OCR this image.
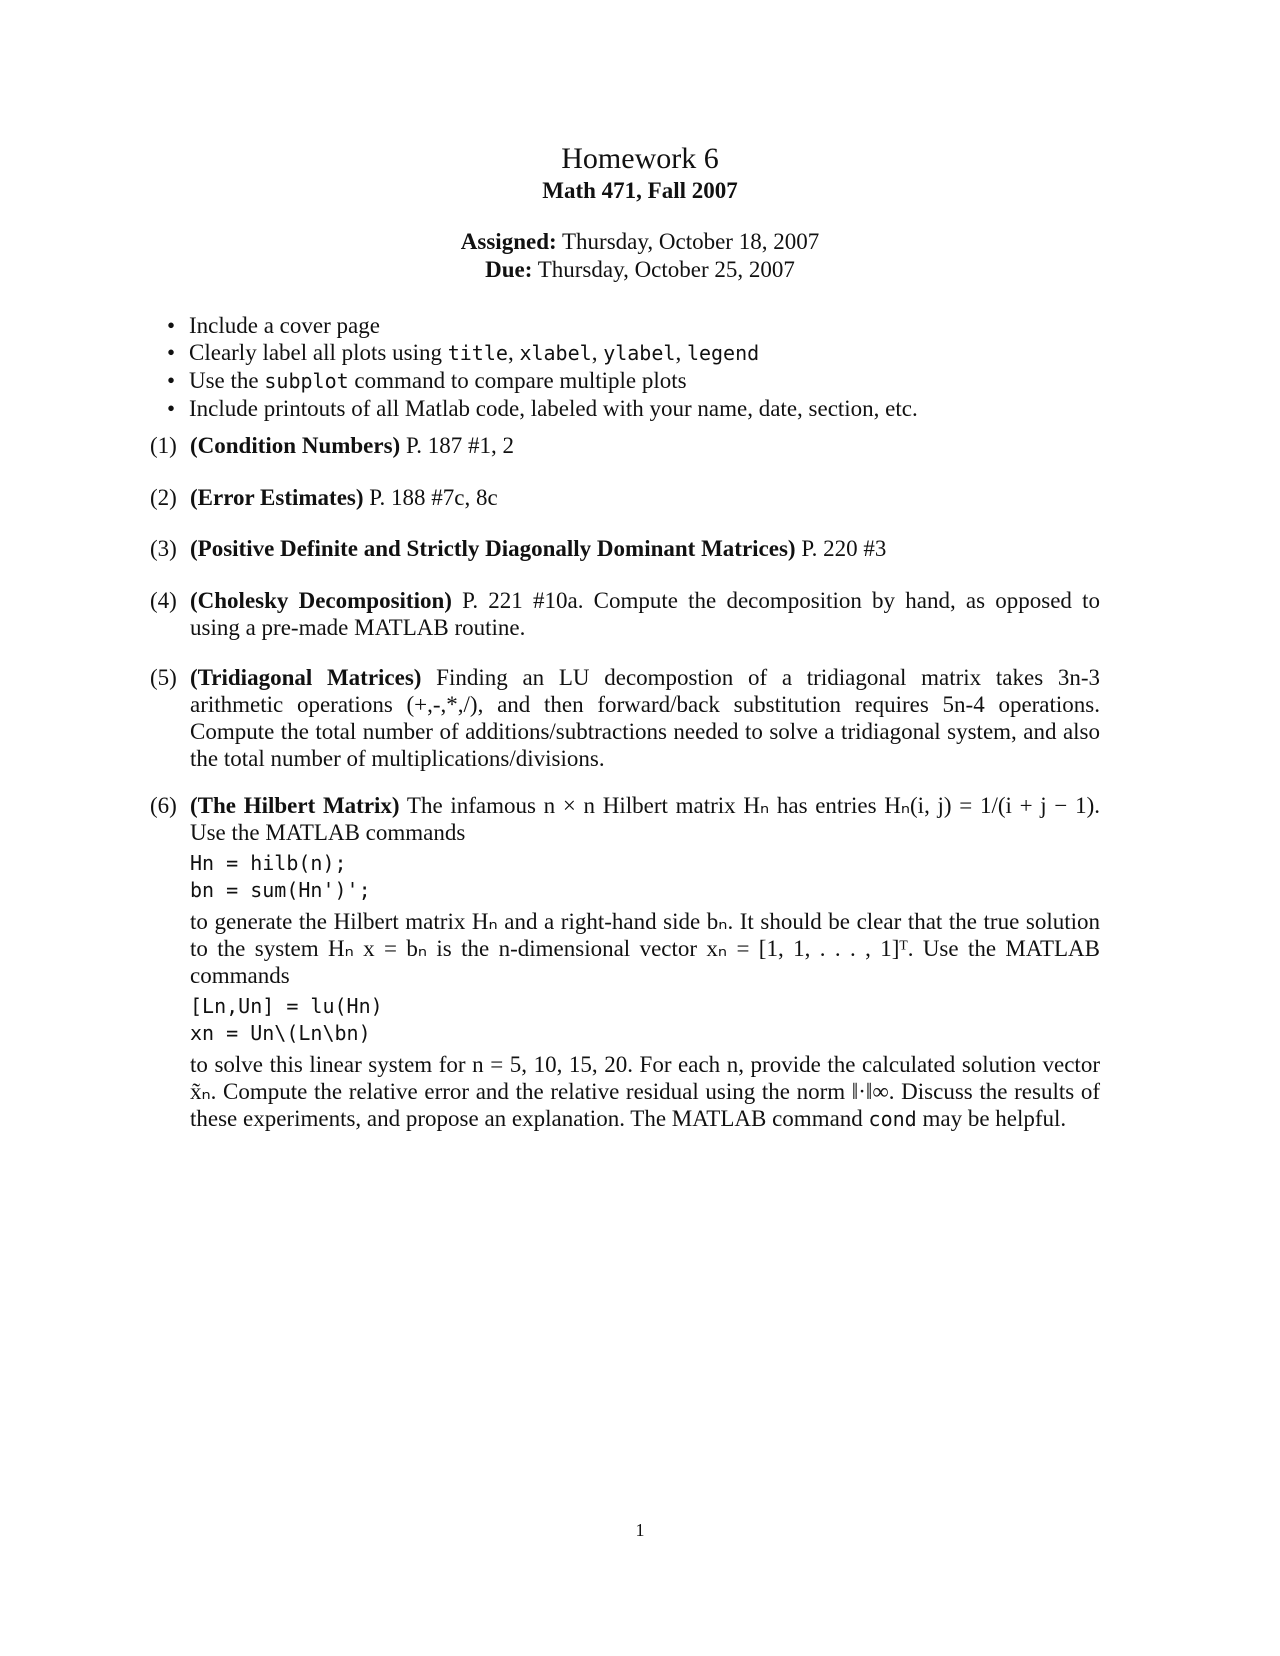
Homework 6
Math 471, Fall 2007
Assigned: Thursday, October 18, 2007
Due: Thursday, October 25, 2007
• Include a cover page
• Clearly label all plots using title, xlabel, ylabel, legend
• Use the subplot command to compare multiple plots
• Include printouts of all Matlab code, labeled with your name, date, section, etc.
(1) (Condition Numbers) P. 187 #1, 2
(2) (Error Estimates) P. 188 #7c, 8c
(3) (Positive Definite and Strictly Diagonally Dominant Matrices) P. 220 #3
(4) (Cholesky Decomposition) P. 221 #10a. Compute the decomposition by hand, as opposed to using a pre-made MATLAB routine.
(5) (Tridiagonal Matrices) Finding an LU decompostion of a tridiagonal matrix takes 3n-3 arithmetic operations (+,-,*,/), and then forward/back substitution requires 5n-4 operations. Compute the total number of additions/subtractions needed to solve a tridiagonal system, and also the total number of multiplications/divisions.
(6) (The Hilbert Matrix) The infamous n × n Hilbert matrix Hₙ has entries Hₙ(i, j) = 1/(i + j − 1). Use the MATLAB commands
Hn = hilb(n);
bn = sum(Hn')';
to generate the Hilbert matrix Hₙ and a right-hand side bₙ. It should be clear that the true solution to the system Hₙ x = bₙ is the n-dimensional vector xₙ = [1, 1, . . . , 1]ᵀ. Use the MATLAB commands
[Ln,Un] = lu(Hn)
xn = Un\(Ln\bn)
to solve this linear system for n = 5, 10, 15, 20. For each n, provide the calculated solution vector x̃ₙ. Compute the relative error and the relative residual using the norm ‖·‖∞. Discuss the results of these experiments, and propose an explanation. The MATLAB command cond may be helpful.
1
